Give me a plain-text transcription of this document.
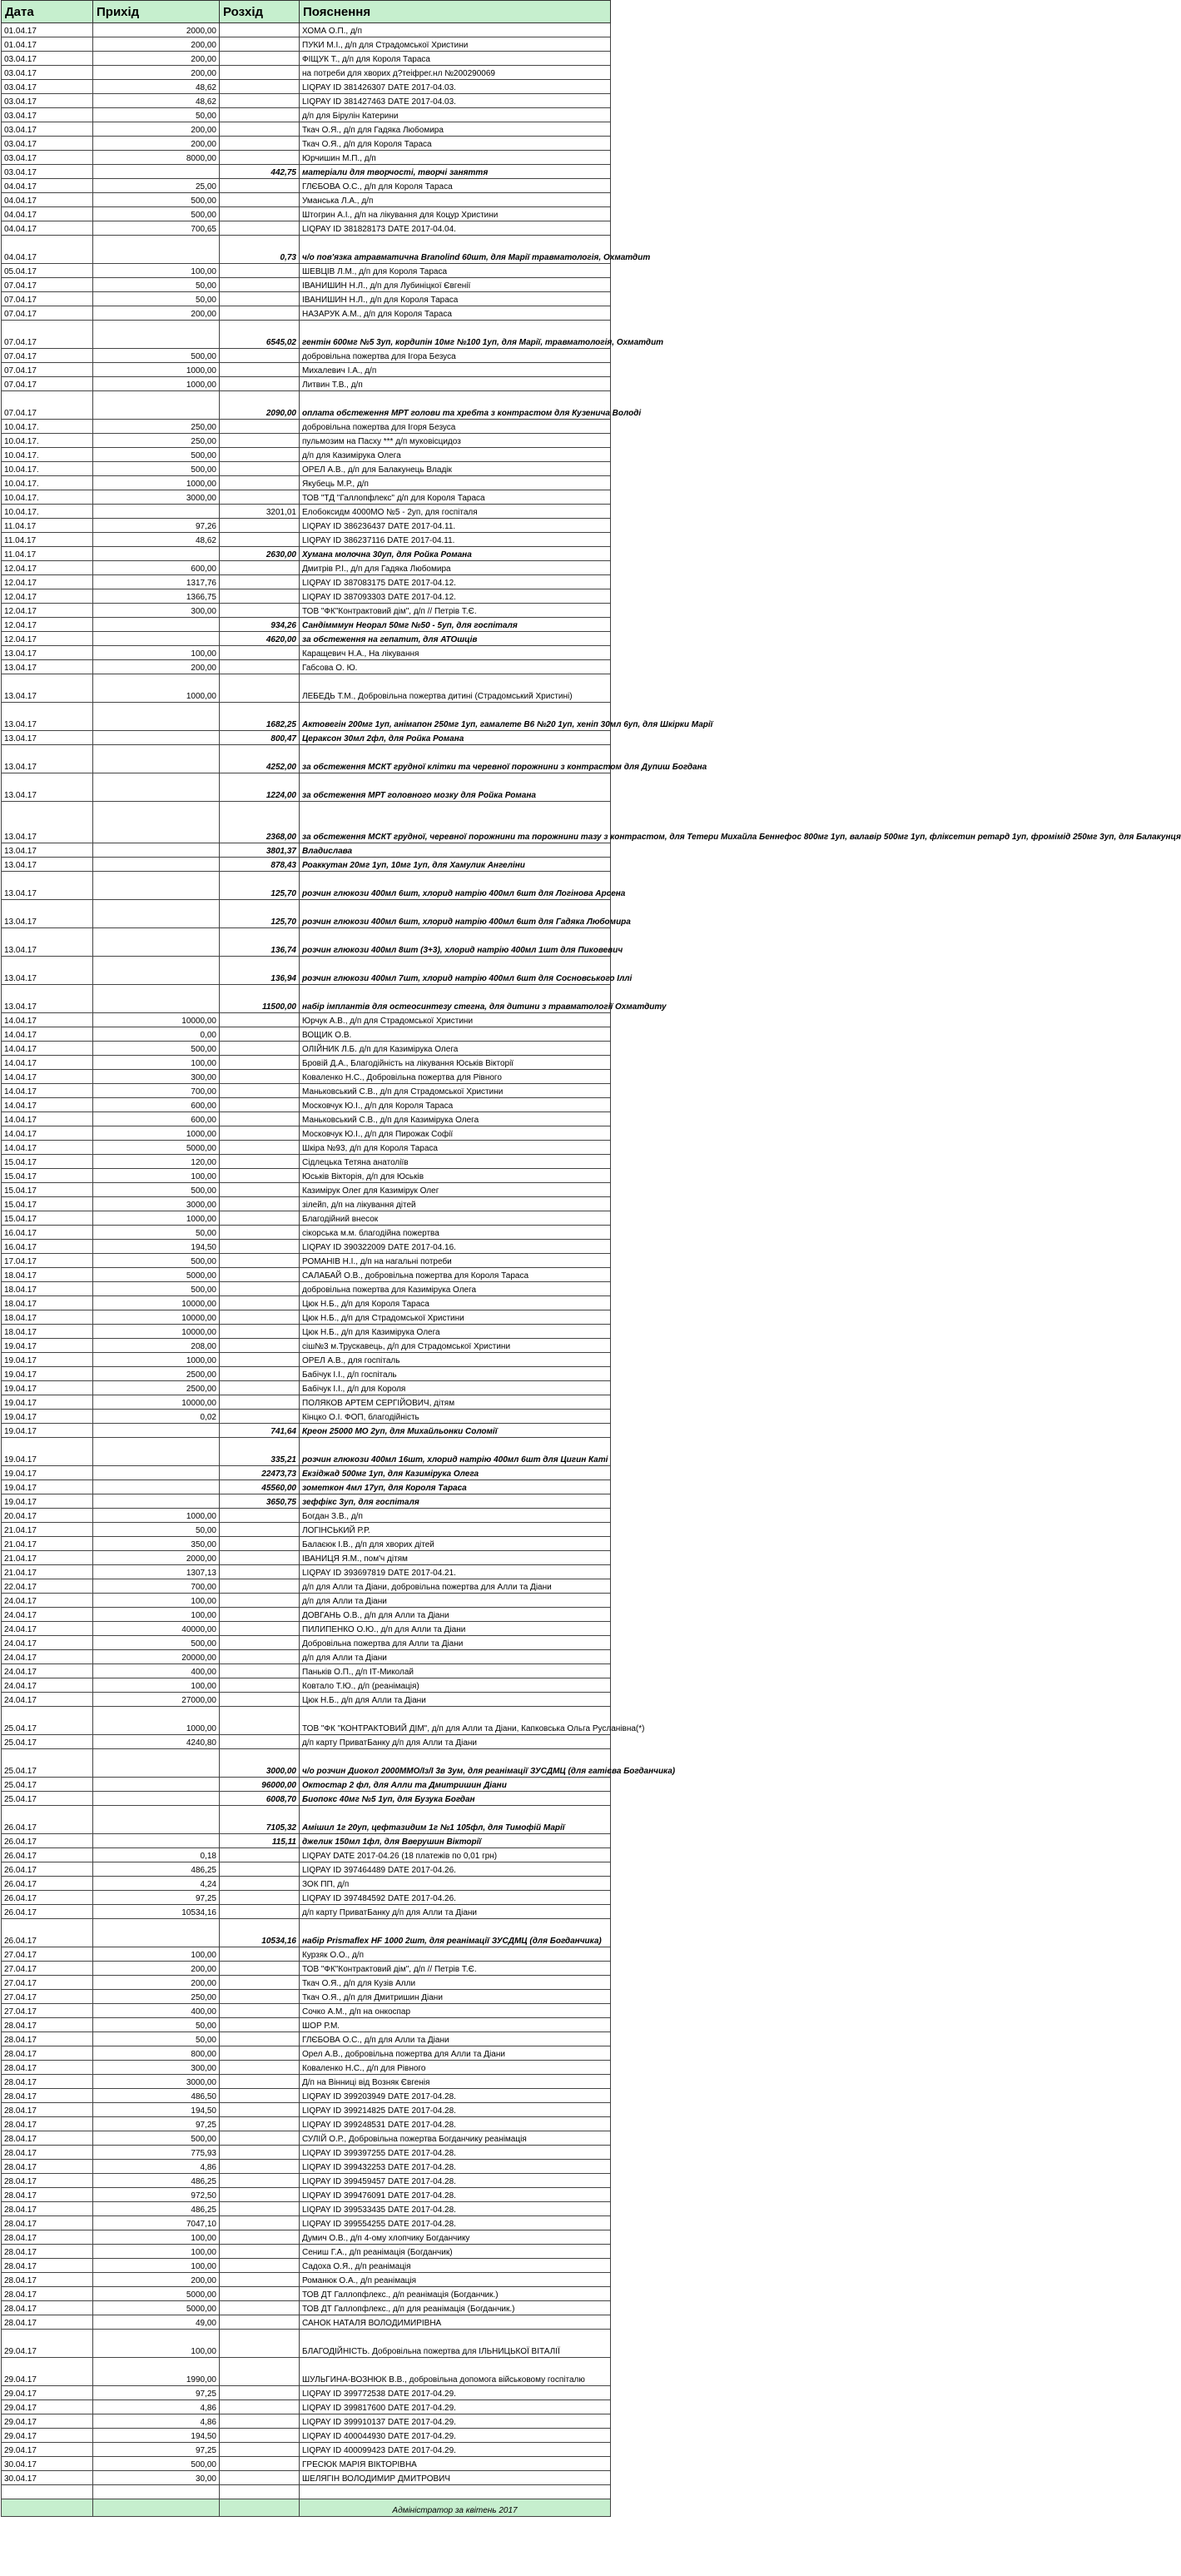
Дата	Прихід	Розхід	Пояснення
01.04.17	2000,00		ХОМА О.П., д/п
01.04.17	200,00		ПУКИ М.І., д/п для Страдомської Христини
03.04.17	200,00		ФІЩУК Т., д/п для Короля Тараса
03.04.17	200,00		на потреби для хворих д?теiфрег.нл №200290069
03.04.17	48,62		LIQPAY ID 381426307 DATE 2017-04.03.
03.04.17	48,62		LIQPAY ID 381427463 DATE 2017-04.03.
03.04.17	50,00		д/п для Бірулін Катерини
03.04.17	200,00		Ткач О.Я., д/п для Гадяка Любомира
03.04.17	200,00		Ткач О.Я., д/п для Короля Тараса
03.04.17	8000,00		Юрчишин М.П., д/п
03.04.17		442,75	матеріали для творчості, творчі заняття
04.04.17	25,00		ГЛЄБОВА О.С., д/п для Короля Тараса
04.04.17	500,00		Уманська Л.А., д/п
04.04.17	500,00		Штогрин А.І., д/п на лікування для Коцур Христини
04.04.17	700,65		LIQPAY ID 381828173 DATE 2017-04.04.
04.04.17		0,73	ч/о пов'язка атравматична Branolind 60шт, для Марії травматологія, Охматдит
05.04.17	100,00		ШЕВЦІВ Л.М., д/п для Короля Тараса
07.04.17	50,00		ІВАНИШИН Н.Л., д/п для Лубиніцкої Євгенії
07.04.17	50,00		ІВАНИШИН Н.Л., д/п для Короля Тараса
07.04.17	200,00		НАЗАРУК А.М., д/п для Короля Тараса
07.04.17		6545,02	гентін 600мг №5 3уп, кордипін 10мг №100 1уп, для Марії, травматологія, Охматдит
07.04.17	500,00		добровільна пожертва для Ігора Безуса
07.04.17	1000,00		Михалевич І.А., д/п
07.04.17	1000,00		Литвин Т.В., д/п
07.04.17		2090,00	оплата обстеження МРТ голови та хребта з контрастом для Кузенича Володі
10.04.17.	250,00		добровільна пожертва для Ігоря Безуса
10.04.17.	250,00		пульмозим на Пасху *** д/п муковісцидоз
10.04.17.	500,00		д/п для Казимірука Олега
10.04.17.	500,00		ОРЕЛ А.В., д/п для Балакунець Владік
10.04.17.	1000,00		Якубець М.Р., д/п
10.04.17.	3000,00		ТОВ "ТД "Галлопфлекс" д/п для Короля Тараса
10.04.17.		3201,01	Елобоксидм 4000МО №5 - 2уп, для госпіталя
11.04.17	97,26		LIQPAY ID 386236437 DATE 2017-04.11.
11.04.17	48,62		LIQPAY ID 386237116 DATE 2017-04.11.
11.04.17		2630,00	Хумана молочна 30уп, для Ройка Романа
12.04.17	600,00		Дмитрів Р.І., д/п для Гадяка Любомира
12.04.17	1317,76		LIQPAY ID 387083175 DATE 2017-04.12.
12.04.17	1366,75		LIQPAY ID 387093303 DATE 2017-04.12.
12.04.17	300,00		ТОВ "ФК"Контрактовий дім", д/п // Петрів Т.Є.
12.04.17		934,26	Сандімммун Неорал 50мг №50 - 5уп, для госпіталя
12.04.17		4620,00	за обстеження на гепатит, для АТОшців
13.04.17	100,00		Каращевич Н.А., На лікування
13.04.17	200,00		Габсова О. Ю.
13.04.17	1000,00		ЛЕБЕДЬ Т.М., Добровільна пожертва дитині (Страдомський Христині)
13.04.17		1682,25	Актовегін 200мг 1уп, анімапон 250мг 1уп, гамалете В6 №20 1уп, хеніп 30мл 6уп, для Шкірки Марії
13.04.17		800,47	Цераксон 30мл 2фл, для Ройка Романа
13.04.17		4252,00	за обстеження МСКТ грудної клітки та черевної порожнини з контрастом для Дупиш Богдана
13.04.17		1224,00	за обстеження МРТ головного мозку для Ройка Романа
13.04.17		2368,00	за обстеження МСКТ грудної, черевної порожнини та порожнини тазу з контрастом, для Тетери Михайла Беннефос 800мг 1уп, валавір 500мг 1уп, фліксетин ретард 1уп, фромімід 250мг 3уп, для Балакунця
13.04.17		3801,37	Владислава
13.04.17		878,43	Роаккутан 20мг 1уп, 10мг 1уп, для Хамулик Ангеліни
13.04.17		125,70	розчин глюкози 400мл 6шт, хлорид натрію 400мл 6шт для Логінова Арсена
13.04.17		125,70	розчин глюкози 400мл 6шт, хлорид натрію 400мл 6шт для Гадяка Любомира
13.04.17		136,74	розчин глюкози 400мл 8шт (3+3), хлорид натрію 400мл 1шт для Пиковевич
13.04.17		136,94	розчин глюкози 400мл 7шт, хлорид натрію 400мл 6шт для Сосновського Іллі
13.04.17		11500,00	набір імплантів для остеосинтезу стегна, для дитини з травматології Охматдиту
14.04.17	10000,00		Юрчук А.В., д/п для Страдомської Христини
14.04.17	0,00		ВОЩИК О.В.
14.04.17	500,00		ОЛІЙНИК Л.Б. д/п для Казимірука Олега
14.04.17	100,00		Бровій Д.А., Благодійність на лікування Юськів Вікторії
14.04.17	300,00		Коваленко Н.С., Добровільна пожертва для Рівного
14.04.17	700,00		Маньковський С.В., д/п для Страдомської Христини
14.04.17	600,00		Московчук Ю.І., д/п для Короля Тараса
14.04.17	600,00		Маньковський С.В., д/п для Казимірука Олега
14.04.17	1000,00		Московчук Ю.І., д/п для Пирожак Софії
14.04.17	5000,00		Шкіра №93, д/п для Короля Тараса
15.04.17	120,00		Сідлецька Тетяна анатоліїв
15.04.17	100,00		Юськів Вікторія, д/п для Юськів
15.04.17	500,00		Казимірук Олег для Казимірук Олег
15.04.17	3000,00		зілейп, д/п на лікування дітей
15.04.17	1000,00		Благодійний внесок
16.04.17	50,00		сікорська м.м. благодійна пожертва
16.04.17	194,50		LIQPAY ID 390322009 DATE 2017-04.16.
17.04.17	500,00		РОМАНІВ Н.І., д/п на нагальні потреби
18.04.17	5000,00		САЛАБАЙ О.В., добровільна пожертва для Короля Тараса
18.04.17	500,00		добровільна пожертва для Казимірука Олега
18.04.17	10000,00		Цюк Н.Б., д/п для Короля Тараса
18.04.17	10000,00		Цюк Н.Б., д/п для Страдомської Христини
18.04.17	10000,00		Цюк Н.Б., д/п для Казимірука Олега
19.04.17	208,00		сіш№3 м.Трускавець, д/п для Страдомської Христини
19.04.17	1000,00		ОРЕЛ А.В., для госпіталь
19.04.17	2500,00		Бабічук І.І., д/п госпіталь
19.04.17	2500,00		Бабічук І.І., д/п для Короля
19.04.17	10000,00		ПОЛЯКОВ АРТЕМ СЕРГІЙОВИЧ, дітям
19.04.17	0,02		Кінцко О.І. ФОП, благодійність
19.04.17		741,64	Креон 25000 МО 2уп, для Михайльонки Соломії
19.04.17		335,21	розчин глюкози 400мл 16шт, хлорид натрію 400мл 6шт для Цигин Каті
19.04.17		22473,73	Екзіджад 500мг 1уп, для Казимірука Олега
19.04.17		45560,00	зометкон 4мл 17уп, для Короля Тараса
19.04.17		3650,75	зеффікс 3уп, для госпіталя
20.04.17	1000,00		Богдан З.В., д/п
21.04.17	50,00		ЛОГІНСЬКИЙ Р.Р.
21.04.17	350,00		Балаєюк І.В., д/п для хворих дітей
21.04.17	2000,00		ІВАНИЦЯ Я.М., пом'ч дітям
21.04.17	1307,13		LIQPAY ID 393697819 DATE 2017-04.21.
22.04.17	700,00		д/п для Алли та Діани, добровільна пожертва для Алли та Діани
24.04.17	100,00		д/п для Алли та Діани
24.04.17	100,00		ДОВГАНЬ О.В., д/п для Алли та Діани
24.04.17	40000,00		ПИЛИПЕНКО О.Ю., д/п для Алли та Діани
24.04.17	500,00		Добровільна пожертва для Алли та Діани
24.04.17	20000,00		д/п для Алли та Діани
24.04.17	400,00		Паньків О.П., д/п ІТ-Миколай
24.04.17	100,00		Ковтало Т.Ю., д/п (реанімація)
24.04.17	27000,00		Цюк Н.Б., д/п для Алли та Діани
25.04.17	1000,00		ТОВ "ФК "КОНТРАКТОВИЙ ДІМ", д/п для Алли та Діани, Капковська Ольга Русланівна(*)
25.04.17	4240,80		д/п карту ПриватБанку д/п для Алли та Діани
25.04.17		3000,00	ч/о розчин Диокол 2000ММО/Із/І 3в 3ум, для реанімації ЗУСДМЦ (для гатієва Богданчика)
25.04.17		96000,00	Октостар 2 фл, для Алли та Дмитришин Діани
25.04.17		6008,70	Биопокс 40мг №5 1уп, для Бузука Богдан
26.04.17		7105,32	Амішил 1г 20уп, цефтазидим 1г №1 105фл, для Тимофій Марії
26.04.17		115,11	джелик 150мл 1фл, для Вверушин Вікторії
26.04.17	0,18		LIQPAY DATE 2017-04.26 (18 платежів по 0,01 грн)
26.04.17	486,25		LIQPAY ID 397464489 DATE 2017-04.26.
26.04.17	4,24		ЗОК ПП, д/п
26.04.17	97,25		LIQPAY ID 397484592 DATE 2017-04.26.
26.04.17	10534,16		д/п карту ПриватБанку д/п для Алли та Діани
26.04.17		10534,16	набір Prismaflex НF 1000 2шт, для реанімації ЗУСДМЦ (для Богданчика)
27.04.17	100,00		Курзяк О.О., д/п
27.04.17	200,00		ТОВ "ФК"Контрактовий дім", д/п // Петрів Т.Є.
27.04.17	200,00		Ткач О.Я., д/п для Кузів Алли
27.04.17	250,00		Ткач О.Я., д/п для Дмитришин Діани
27.04.17	400,00		Сочко А.М., д/п на онкоспар
28.04.17	50,00		ШОР Р.М.
28.04.17	50,00		ГЛЄБОВА О.С., д/п для Алли та Діани
28.04.17	800,00		Орел А.В., добровільна пожертва для Алли та Діани
28.04.17	300,00		Коваленко Н.С., д/п для Рівного
28.04.17	3000,00		Д/п на Вінниці від Возняк Євгенія
28.04.17	486,50		LIQPAY ID 399203949 DATE 2017-04.28.
28.04.17	194,50		LIQPAY ID 399214825 DATE 2017-04.28.
28.04.17	97,25		LIQPAY ID 399248531 DATE 2017-04.28.
28.04.17	500,00		СУЛІЙ О.Р., Добровільна пожертва Богданчику реанімація
28.04.17	775,93		LIQPAY ID 399397255 DATE 2017-04.28.
28.04.17	4,86		LIQPAY ID 399432253 DATE 2017-04.28.
28.04.17	486,25		LIQPAY ID 399459457 DATE 2017-04.28.
28.04.17	972,50		LIQPAY ID 399476091 DATE 2017-04.28.
28.04.17	486,25		LIQPAY ID 399533435 DATE 2017-04.28.
28.04.17	7047,10		LIQPAY ID 399554255 DATE 2017-04.28.
28.04.17	100,00		Думич О.В., д/п 4-ому хлопчику Богданчику
28.04.17	100,00		Сениш Г.А., д/п реанімація (Богданчик)
28.04.17	100,00		Садоха О.Я., д/п реанімація
28.04.17	200,00		Романюк О.А., д/п реанімація
28.04.17	5000,00		ТОВ ДТ Галлопфлекс., д/п реанімація (Богданчик.)
28.04.17	5000,00		ТОВ ДТ Галлопфлекс., д/п для реанімація (Богданчик.)
28.04.17	49,00		САНОК НАТАЛЯ ВОЛОДИМИРІВНА
29.04.17	100,00		БЛАГОДІЙНІСТЬ. Добровільна пожертва для ІЛЬНИЦЬКОЇ ВІТАЛІЇ
29.04.17	1990,00		ШУЛЬГИНА-ВОЗНЮК В.В., добровільна допомога військовому госпіталю
29.04.17	97,25		LIQPAY ID 399772538 DATE 2017-04.29.
29.04.17	4,86		LIQPAY ID 399817600 DATE 2017-04.29.
29.04.17	4,86		LIQPAY ID 399910137 DATE 2017-04.29.
29.04.17	194,50		LIQPAY ID 400044930 DATE 2017-04.29.
29.04.17	97,25		LIQPAY ID 400099423 DATE 2017-04.29.
30.04.17	500,00		ГРЕСЮК МАРІЯ ВІКТОРІВНА
30.04.17	30,00		ШЕЛЯГІН ВОЛОДИМИР ДМИТРОВИЧ

			Адміністратор за квітень 2017
